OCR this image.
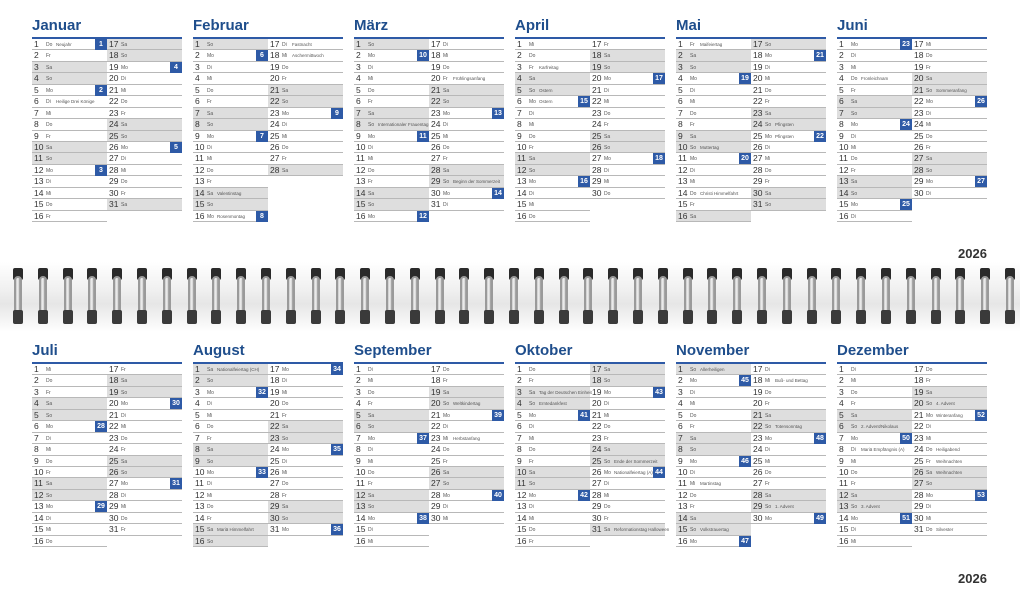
Januar
1 Do Neujahr	1
2 Fr
3 Sa
4 So
5 Mo	2
6 Di Heilige Drei Könige
7 Mi
8 Do
9 Fr
10 Sa
11 So
12 Mo	3
13 Di
14 Mi
15 Do
16 Fr
17 Sa
18 So
19 Mo	4
20 Di
21 Mi
22 Do
23 Fr
24 Sa
25 So
26 Mo	5
27 Di
28 Mi
29 Do
30 Fr
31 Sa
Februar
1 So
2 Mo	6
3 Di
4 Mi
5 Do
6 Fr
7 Sa
8 So
9 Mo	7
10 Di
11 Mi
12 Do
13 Fr
14 Sa Valentinstag
15 So
16 Mo Rosenmontag	8
17 Di Fastnacht
18 Mi Aschermittwoch
19 Do
20 Fr
21 Sa
22 So
23 Mo	9
24 Di
25 Mi
26 Do
27 Fr
28 Sa
März
1 So
2 Mo	10
3 Di
4 Mi
5 Do
6 Fr
7 Sa
8 So Internationaler Frauentag
9 Mo	11
10 Di
11 Mi
12 Do
13 Fr
14 Sa
15 So
16 Mo	12
17 Di
18 Mi
19 Do
20 Fr Frühlingsanfang
21 Sa
22 So
23 Mo	13
24 Di
25 Mi
26 Do
27 Fr
28 Sa
29 So Beginn der Sommerzeit
30 Mo	14
31 Di
April
1 Mi
2 Do
3 Fr Karfreitag
4 Sa
5 So Ostern
6 Mo Ostern	15
7 Di
8 Mi
9 Do
10 Fr
11 Sa
12 So
13 Mo	16
14 Di
15 Mi
16 Do
17 Fr
18 Sa
19 So
20 Mo	17
21 Di
22 Mi
23 Do
24 Fr
25 Sa
26 So
27 Mo	18
28 Di
29 Mi
30 Do
Mai
1 Fr Maifeiertag
2 Sa
3 So
4 Mo	19
5 Di
6 Mi
7 Do
8 Fr
9 Sa
10 So Muttertag
11 Mo	20
12 Di
13 Mi
14 Do Christi Himmelfahrt
15 Fr
16 Sa
17 So
18 Mo	21
19 Di
20 Mi
21 Do
22 Fr
23 Sa
24 So Pfingsten
25 Mo Pfingsten	22
26 Di
27 Mi
28 Do
29 Fr
30 Sa
31 So
Juni
1 Mo	23
2 Di
3 Mi
4 Do Fronleichnam
5 Fr
6 Sa
7 So
8 Mo	24
9 Di
10 Mi
11 Do
12 Fr
13 Sa
14 So
15 Mo	25
16 Di
17 Mi
18 Do
19 Fr
20 Sa
21 So Sommeranfang
22 Mo	26
23 Di
24 Mi
25 Do
26 Fr
27 Sa
28 So
29 Mo	27
30 Di
Juli
1 Mi
2 Do
3 Fr
4 Sa
5 So
6 Mo	28
7 Di
8 Mi
9 Do
10 Fr
11 Sa
12 So
13 Mo	29
14 Di
15 Mi
16 Do
17 Fr
18 Sa
19 So
20 Mo	30
21 Di
22 Mi
23 Do
24 Fr
25 Sa
26 So
27 Mo	31
28 Di
29 Mi
30 Do
31 Fr
August
1 Sa Nationalfeiertag (CH)
2 So
3 Mo	32
4 Di
5 Mi
6 Do
7 Fr
8 Sa
9 So
10 Mo	33
11 Di
12 Mi
13 Do
14 Fr
15 Sa Mariä Himmelfahrt
16 So
17 Mo	34
18 Di
19 Mi
20 Do
21 Fr
22 Sa
23 So
24 Mo	35
25 Di
26 Mi
27 Do
28 Fr
29 Sa
30 So
31 Mo	36
September
1 Di
2 Mi
3 Do
4 Fr
5 Sa
6 So
7 Mo	37
8 Di
9 Mi
10 Do
11 Fr
12 Sa
13 So
14 Mo	38
15 Di
16 Mi
17 Do
18 Fr
19 Sa
20 So Weltkindertag
21 Mo	39
22 Di
23 Mi Herbstanfang
24 Do
25 Fr
26 Sa
27 So
28 Mo	40
29 Di
30 Mi
Oktober
1 Do
2 Fr
3 Sa Tag der Deutschen Einheit
4 So Erntedankfest
5 Mo	41
6 Di
7 Mi
8 Do
9 Fr
10 Sa
11 So
12 Mo	42
13 Di
14 Mi
15 Do
16 Fr
17 Sa
18 So
19 Mo	43
20 Di
21 Mi
22 Do
23 Fr
24 Sa
25 So Ende der Sommerzeit
26 Mo Nationalfeiertag (A) 44
27 Di
28 Mi
29 Do
30 Fr
31 Sa Reformationstag Halloween
November
1 So Allerheiligen
2 Mo	45
3 Di
4 Mi
5 Do
6 Fr
7 Sa
8 So
9 Mo	46
10 Di
11 Mi Martinstag
12 Do
13 Fr
14 Sa
15 So Volkstrauertag
16 Mo	47
17 Di
18 Mi Buß- und Bettag
19 Do
20 Fr
21 Sa
22 So Totensonntag
23 Mo	48
24 Di
25 Mi
26 Do
27 Fr
28 Sa
29 So 1. Advent
30 Mo	49
Dezember
1 Di
2 Mi
3 Do
4 Fr
5 Sa
6 So 2. Advent/Nikolaus
7 Mo	50
8 Di Mariä Empfängnis (A)
9 Mi
10 Do
11 Fr
12 Sa
13 So 3. Advent
14 Mo	51
15 Di
16 Mi
17 Do
18 Fr
19 Sa
20 So 4. Advent
21 Mo Winteranfang 52
22 Di
23 Mi
24 Do Heiligabend
25 Fr Weihnachten
26 Sa Weihnachten
27 So
28 Mo	53
29 Di
30 Mi
31 Do Silvester
2026
2026
